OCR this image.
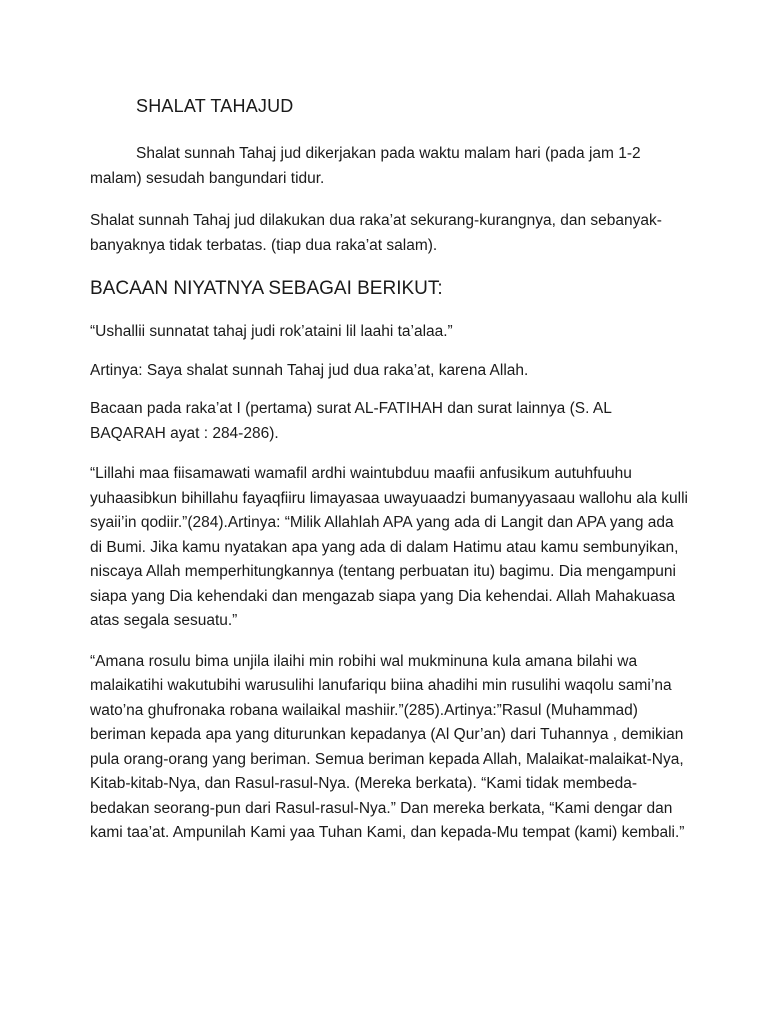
SHALAT TAHAJUD

Shalat sunnah Tahaj jud dikerjakan pada waktu malam hari (pada jam 1-2 malam) sesudah bangundari tidur.

Shalat sunnah Tahaj jud dilakukan dua raka’at sekurang-kurangnya, dan sebanyak-banyaknya tidak terbatas. (tiap dua raka’at salam).

BACAAN NIYATNYA SEBAGAI BERIKUT:

“Ushallii sunnatat tahaj judi rok’ataini lil laahi ta’alaa.”

Artinya: Saya shalat sunnah Tahaj jud dua raka’at, karena Allah.

Bacaan pada raka’at I (pertama) surat AL-FATIHAH dan surat lainnya (S. AL BAQARAH ayat : 284-286).

“Lillahi maa fiisamawati wamafil ardhi waintubduu maafii anfusikum autuhfuuhu yuhaasibkun bihillahu fayaqfiiru limayasaa uwayuaadzi bumanyyasaau wallohu ala kulli syaii’in qodiir.”(284).Artinya: “Milik Allahlah APA yang ada di Langit dan APA yang ada di Bumi. Jika kamu nyatakan apa yang ada di dalam Hatimu atau kamu sembunyikan, niscaya Allah memperhitungkannya (tentang perbuatan itu) bagimu. Dia mengampuni siapa yang Dia kehendaki dan mengazab siapa yang Dia kehendai. Allah Mahakuasa atas segala sesuatu.”

“Amana rosulu bima unjila ilaihi min robihi wal mukminuna kula amana bilahi wa malaikatihi wakutubihi warusulihi lanufariqu biina ahadihi min rusulihi waqolu sami’na wato’na ghufronaka robana wailaikal mashiir.”(285).Artinya:”Rasul (Muhammad) beriman kepada apa yang diturunkan kepadanya (Al Qur’an) dari Tuhannya , demikian pula orang-orang yang beriman. Semua beriman kepada Allah, Malaikat-malaikat-Nya, Kitab-kitab-Nya, dan Rasul-rasul-Nya. (Mereka berkata). “Kami tidak membeda-bedakan seorang-pun dari Rasul-rasul-Nya.” Dan mereka berkata, “Kami dengar dan kami taa’at. Ampunilah Kami yaa Tuhan Kami, dan kepada-Mu tempat (kami) kembali.”
